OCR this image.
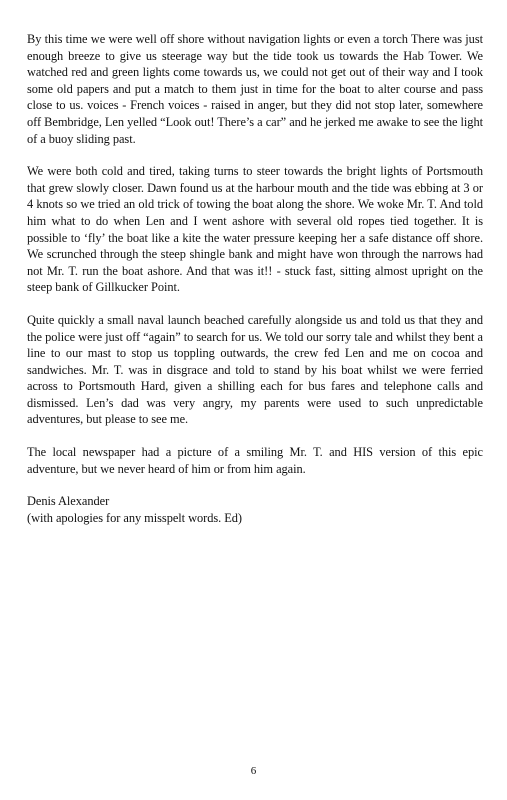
By this time we were well off shore without navigation lights or even a torch There was just enough breeze to give us steerage way but the tide took us towards the Hab Tower. We watched red and green lights come towards us, we could not get out of their way and I took some old papers and put a match to them just in time for the boat to alter course and pass close to us. voices - French voices - raised in anger, but they did not stop later, somewhere off Bembridge, Len yelled “Look out! There’s a car” and he jerked me awake to see the light of a buoy sliding past.

We were both cold and tired, taking turns to steer towards the bright lights of Portsmouth that grew slowly closer. Dawn found us at the harbour mouth and the tide was ebbing at 3 or 4 knots so we tried an old trick of towing the boat along the shore. We woke Mr. T. And told him what to do when Len and I went ashore with several old ropes tied together. It is possible to ‘fly’ the boat like a kite the water pressure keeping her a safe distance off shore. We scrunched through the steep shingle bank and might have won through the narrows had not Mr. T. run the boat ashore. And that was it!! - stuck fast, sitting almost upright on the steep bank of Gillkucker Point.

Quite quickly a small naval launch beached carefully alongside us and told us that they and the police were just off “again” to search for us. We told our sorry tale and whilst they bent a line to our mast to stop us toppling outwards, the crew fed Len and me on cocoa and sandwiches. Mr. T. was in disgrace and told to stand by his boat whilst we were ferried across to Portsmouth Hard, given a shilling each for bus fares and telephone calls and dismissed. Len’s dad was very angry, my parents were used to such unpredictable adventures, but please to see me.

The local newspaper had a picture of a smiling Mr. T. and HIS version of this epic adventure, but we never heard of him or from him again.

Denis Alexander

(with apologies for any misspelt words. Ed)

6
